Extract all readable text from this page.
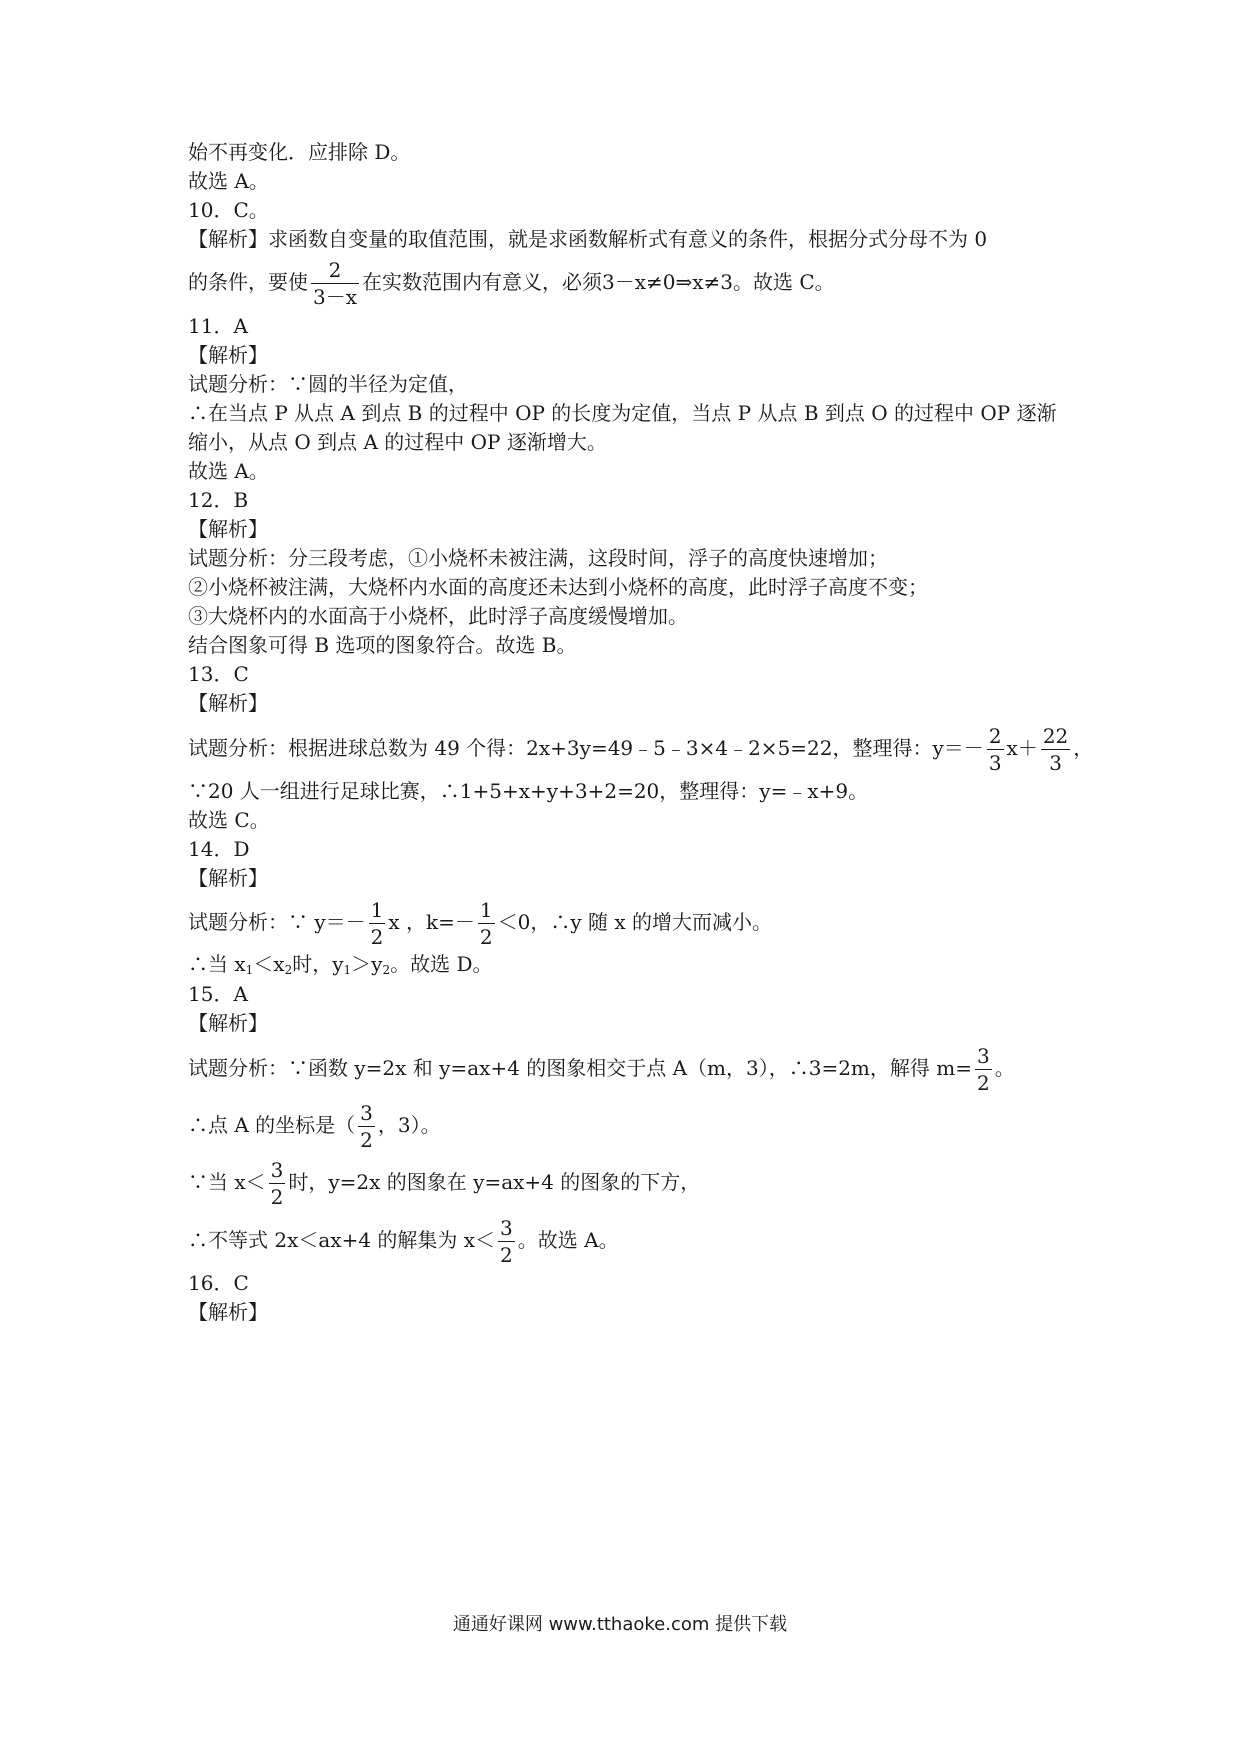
始不再变化．应排除 D。
故选 A。
10．C。
【解析】求函数自变量的取值范围，就是求函数解析式有意义的条件，根据分式分母不为 0
的条件，要使 $\frac{2}{3-x}$ 在实数范围内有意义，必须3－x≠0⇒x≠3。故选 C。
11．A
【解析】
试题分析：∵圆的半径为定值，
∴在当点 P 从点 A 到点 B 的过程中 OP 的长度为定值，当点 P 从点 B 到点 O 的过程中 OP 逐渐
缩小，从点 O 到点 A 的过程中 OP 逐渐增大。
故选 A。
12．B
【解析】
试题分析：分三段考虑，①小烧杯未被注满，这段时间，浮子的高度快速增加；
②小烧杯被注满，大烧杯内水面的高度还未达到小烧杯的高度，此时浮子高度不变；
③大烧杯内的水面高于小烧杯，此时浮子高度缓慢增加。
结合图象可得 B 选项的图象符合。故选 B。
13．C
【解析】
试题分析：根据进球总数为 49 个得：2x+3y=49﹣5﹣3×4﹣2×5=22，整理得：$y=- \frac{2}{3} x+ \frac{22}{3}$ ，
∵20 人一组进行足球比赛，∴1+5+x+y+3+2=20，整理得：y=﹣x+9。
故选 C。
14．D
【解析】
试题分析：∵ $y=- \frac{1}{2}$ x ，$k=- \frac{1}{2} <0$，∴y 随 x 的增大而减小。
∴当 $x_1<x_2$时，$y_1>y_2$。故选 D。
15．A
【解析】
试题分析：∵函数 y=2x 和 y=ax+4 的图象相交于点 A（m，3），∴3=2m，解得 $m= \frac{3}{2}$ 。
∴点 A 的坐标是（ $\frac{3}{2}$ ，3）。
∵当 $x< \frac{3}{2}$ 时，y=2x 的图象在 y=ax+4 的图象的下方，
∴不等式 2x＜ax+4 的解集为 $x< \frac{3}{2}$ 。故选 A。
16．C
【解析】
通通好课网 www.tthaoke.com 提供下载
